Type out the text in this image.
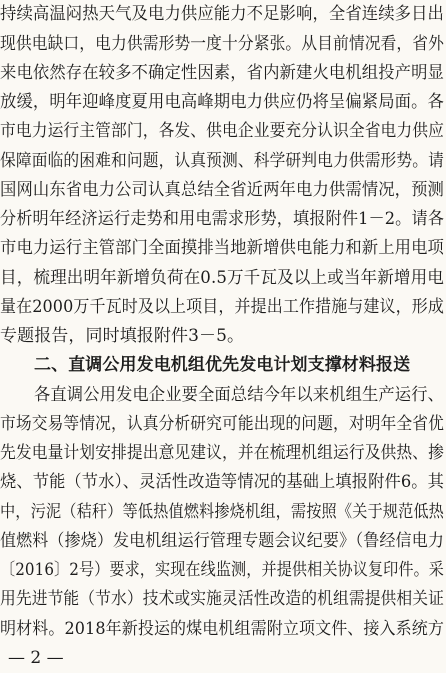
持续高温闷热天气及电力供应能力不足影响，全省连续多日出
现供电缺口，电力供需形势一度十分紧张。从目前情况看，省外
来电依然存在较多不确定性因素，省内新建火电机组投产明显
放缓，明年迎峰度夏用电高峰期电力供应仍将呈偏紧局面。各
市电力运行主管部门，各发、供电企业要充分认识全省电力供应
保障面临的困难和问题，认真预测、科学研判电力供需形势。请
国网山东省电力公司认真总结全省近两年电力供需情况，预测
分析明年经济运行走势和用电需求形势，填报附件1－2。请各
市电力运行主管部门全面摸排当地新增供电能力和新上用电项
目，梳理出明年新增负荷在0.5万千瓦及以上或当年新增用电
量在2000万千瓦时及以上项目，并提出工作措施与建议，形成
专题报告，同时填报附件3－5。
二、直调公用发电机组优先发电计划支撑材料报送
各直调公用发电企业要全面总结今年以来机组生产运行、
市场交易等情况，认真分析研究可能出现的问题，对明年全省优
先发电量计划安排提出意见建议，并在梳理机组运行及供热、掺
烧、节能（节水）、灵活性改造等情况的基础上填报附件6。其
中，污泥（秸秆）等低热值燃料掺烧机组，需按照《关于规范低热
值燃料（掺烧）发电机组运行管理专题会议纪要》（鲁经信电力
〔2016〕2号）要求，实现在线监测，并提供相关协议复印件。采
用先进节能（节水）技术或实施灵活性改造的机组需提供相关证
明材料。2018年新投运的煤电机组需附立项文件、接入系统方
— 2 —
